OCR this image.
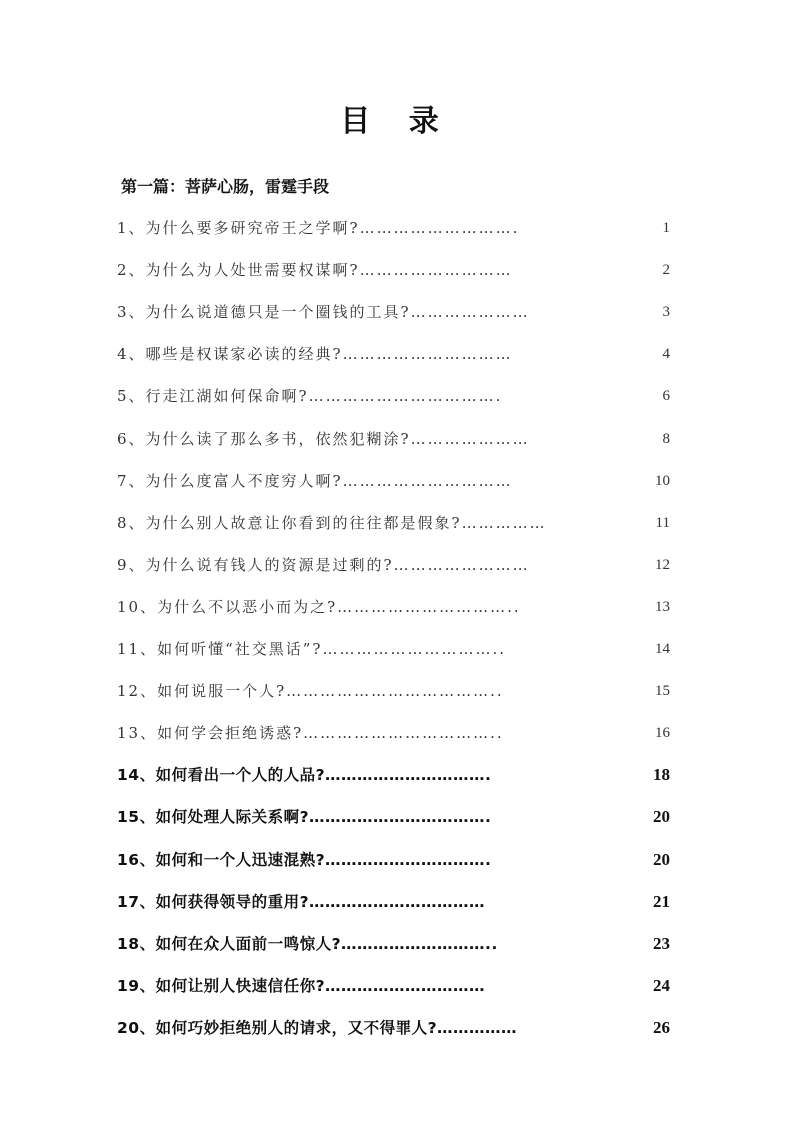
目 录
第一篇：菩萨心肠，雷霆手段
1、为什么要多研究帝王之学啊?……………………….	1
2、为什么为人处世需要权谋啊?………………………	2
3、为什么说道德只是一个圈钱的工具?…………………	3
4、哪些是权谋家必读的经典?…………………………	4
5、行走江湖如何保命啊?…………………………….	6
6、为什么读了那么多书，依然犯糊涂?…………………	8
7、为什么度富人不度穷人啊?…………………………	10
8、为什么别人故意让你看到的往往都是假象?……………	11
9、为什么说有钱人的资源是过剩的?……………………	12
10、为什么不以恶小而为之?…………………………..	13
11、如何听懂“社交黑话”?…………………………..	14
12、如何说服一个人?………………………………..	15
13、如何学会拒绝诱惑?……………………………..	16
14、如何看出一个人的人品?………………………….	18
15、如何处理人际关系啊?…………………………….	20
16、如何和一个人迅速混熟?………………………….	20
17、如何获得领导的重用?……………………………	21
18、如何在众人面前一鸣惊人?………………………..	23
19、如何让别人快速信任你?…………………………	24
20、如何巧妙拒绝别人的请求，又不得罪人?……………	26
